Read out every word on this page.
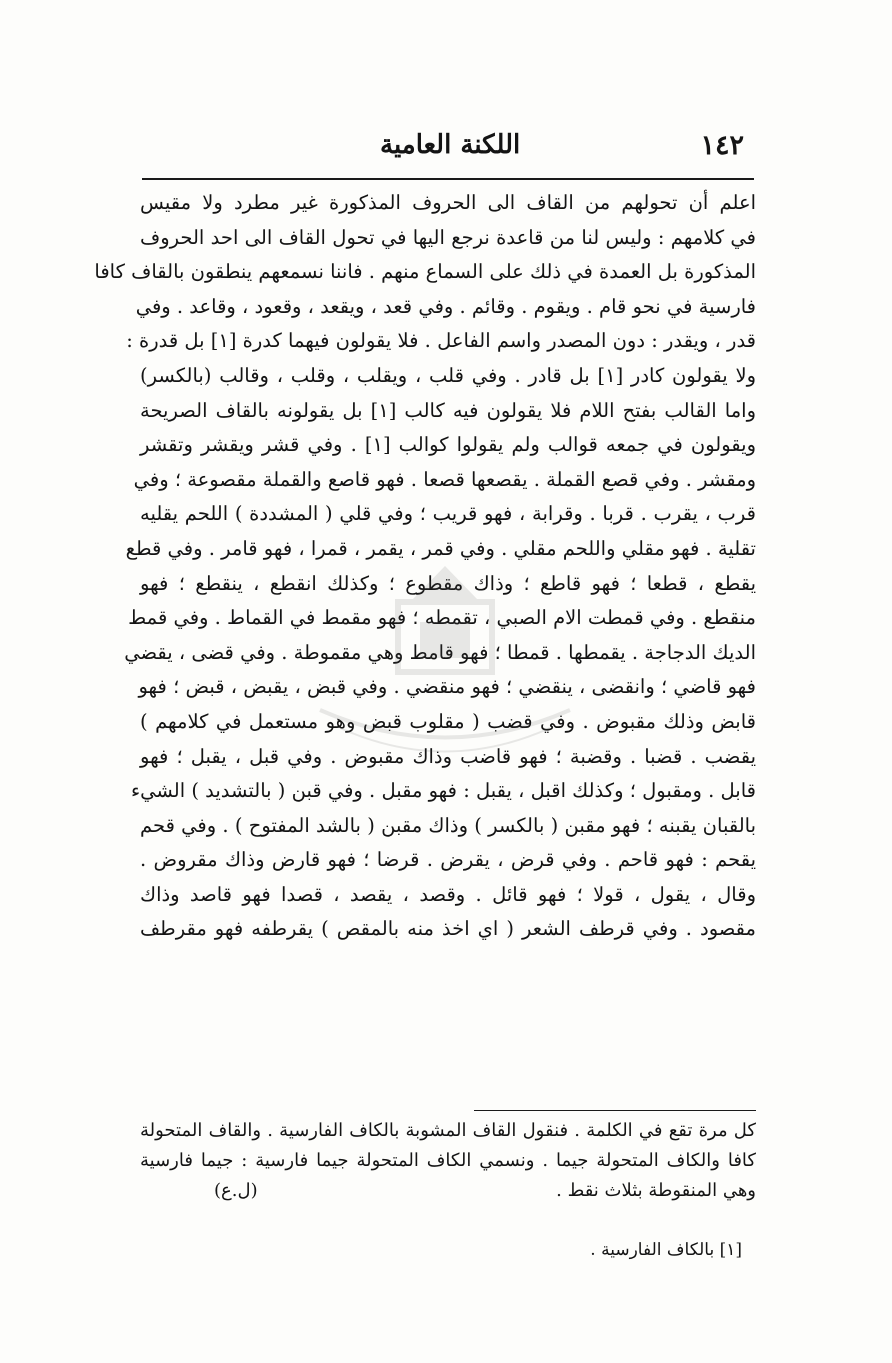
١٤٢
اللكنة العامية
اعلم أن تحولهم من القاف الى الحروف المذكورة غير مطرد ولا مقيس
في كلامهم : وليس لنا من قاعدة نرجع اليها في تحول القاف الى احد الحروف
المذكورة بل العمدة في ذلك على السماع منهم . فاننا نسمعهم ينطقون بالقاف كافا
فارسية في نحو قام . ويقوم . وقائم . وفي قعد ، ويقعد ، وقعود ، وقاعد . وفي
قدر ، ويقدر : دون المصدر واسم الفاعل . فلا يقولون فيهما كدرة [١] بل قدرة :
ولا يقولون كادر [١] بل قادر . وفي قلب ، ويقلب ، وقلب ، وقالب (بالكسر)
واما القالب بفتح اللام فلا يقولون فيه كالب [١] بل يقولونه بالقاف الصريحة
ويقولون في جمعه قوالب ولم يقولوا كوالب [١] . وفي قشر ويقشر وتقشر
ومقشر . وفي قصع القملة . يقصعها قصعا . فهو قاصع والقملة مقصوعة ؛ وفي
قرب ، يقرب . قربا . وقرابة ، فهو قريب ؛ وفي قلي ( المشددة ) اللحم يقليه
تقلية . فهو مقلي واللحم مقلي . وفي قمر ، يقمر ، قمرا ، فهو قامر . وفي قطع
يقطع ، قطعا ؛ فهو قاطع ؛ وذاك مقطوع ؛ وكذلك انقطع ، ينقطع ؛ فهو
منقطع . وفي قمطت الام الصبي ، تقمطه ؛ فهو مقمط في القماط . وفي قمط
الديك الدجاجة . يقمطها . قمطا ؛ فهو قامط وهي مقموطة . وفي قضى ، يقضي
فهو قاضي ؛ وانقضى ، ينقضي ؛ فهو منقضي . وفي قبض ، يقبض ، قبض ؛ فهو
قابض وذلك مقبوض . وفي قضب ( مقلوب قبض وهو مستعمل في كلامهم )
يقضب . قضبا . وقضبة ؛ فهو قاضب وذاك مقبوض . وفي قبل ، يقبل ؛ فهو
قابل . ومقبول ؛ وكذلك اقبل ، يقبل : فهو مقبل . وفي قبن ( بالتشديد ) الشيء
بالقبان يقبنه ؛ فهو مقبن ( بالكسر ) وذاك مقبن ( بالشد المفتوح ) . وفي قحم
يقحم : فهو قاحم . وفي قرض ، يقرض . قرضا ؛ فهو قارض وذاك مقروض .
وقال ، يقول ، قولا ؛ فهو قائل . وقصد ، يقصد ، قصدا فهو قاصد وذاك
مقصود . وفي قرطف الشعر ( اي اخذ منه بالمقص ) يقرطفه فهو مقرطف
كل مرة تقع في الكلمة . فنقول القاف المشوبة بالكاف الفارسية . والقاف المتحولة
كافا والكاف المتحولة جيما . ونسمي الكاف المتحولة جيما فارسية : جيما فارسية
وهي المنقوطة بثلاث نقط .
(ل.ع)
[١] بالكاف الفارسية .
